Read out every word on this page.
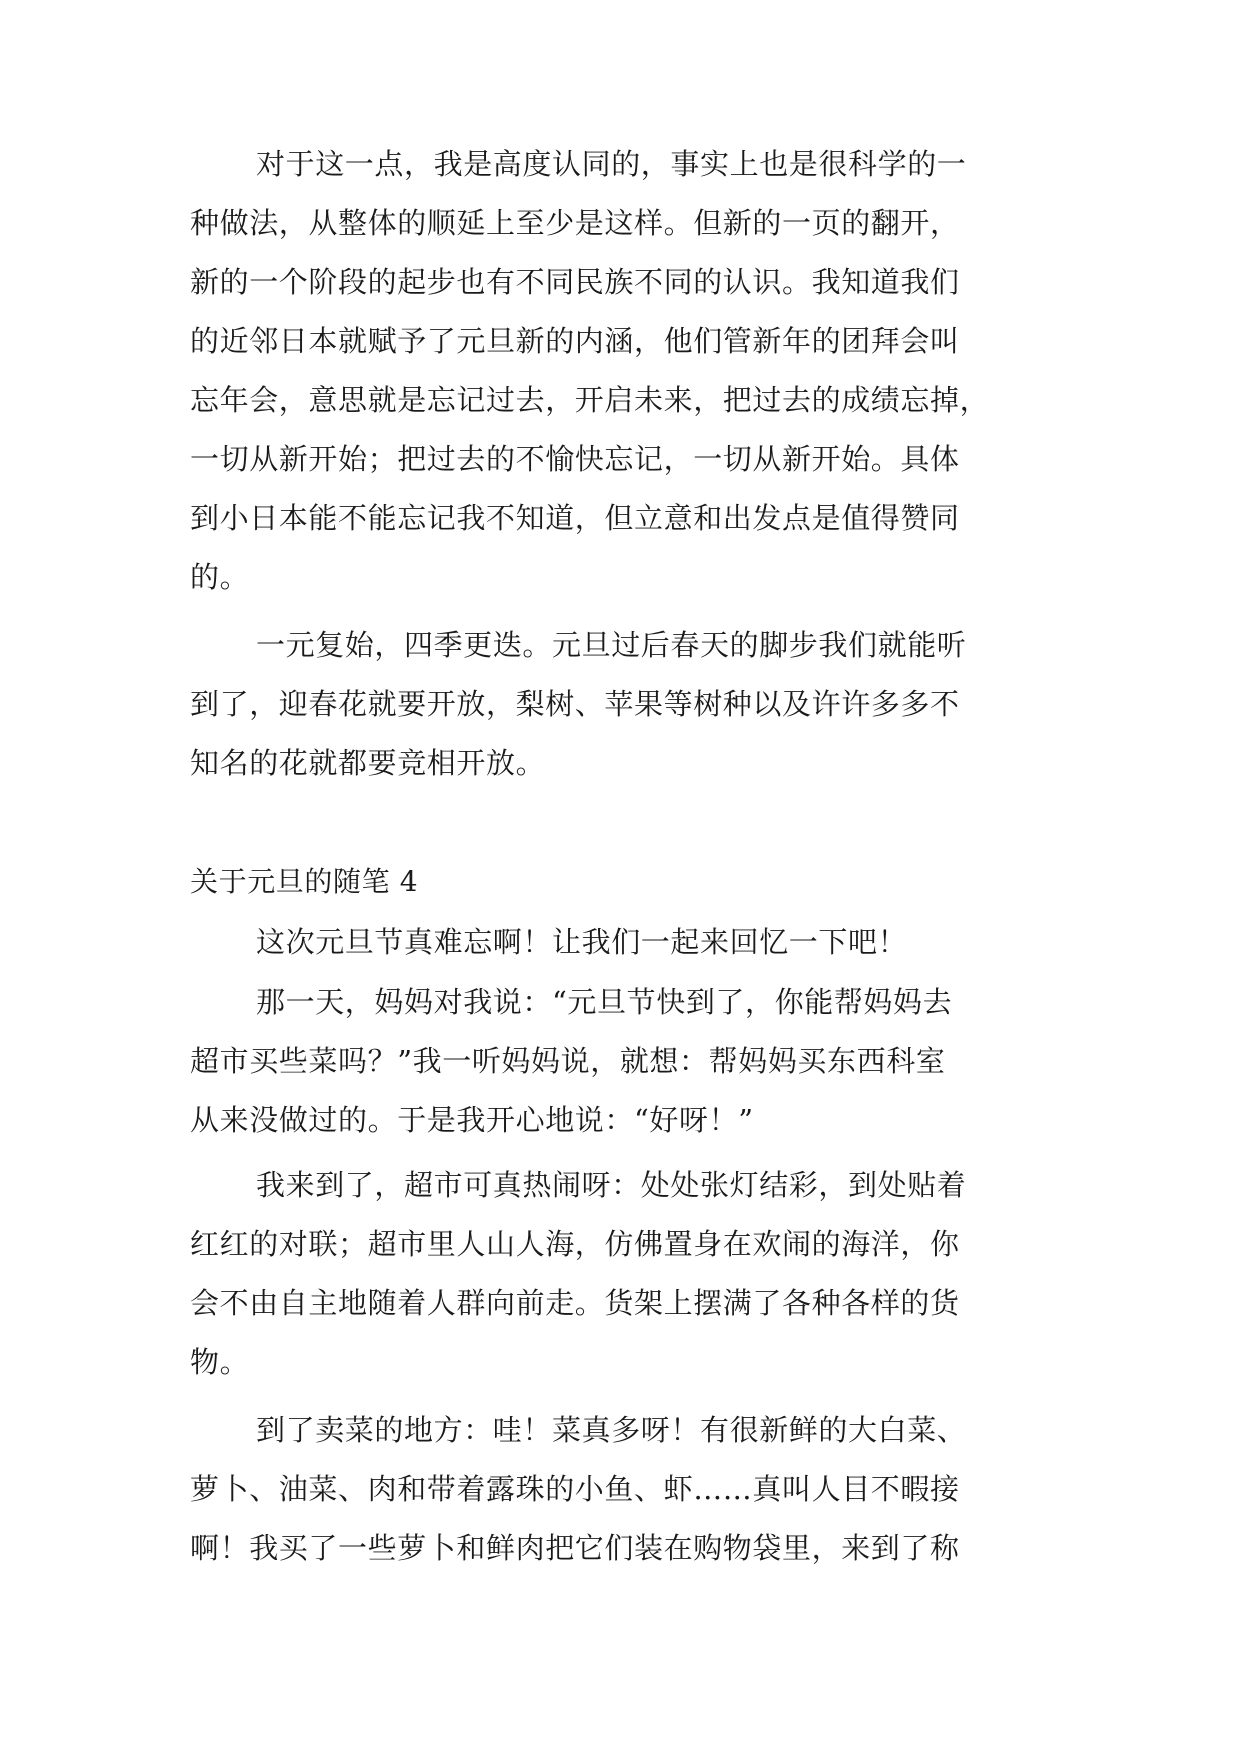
对于这一点，我是高度认同的，事实上也是很科学的一

种做法，从整体的顺延上至少是这样。但新的一页的翻开，

新的一个阶段的起步也有不同民族不同的认识。我知道我们

的近邻日本就赋予了元旦新的内涵，他们管新年的团拜会叫

忘年会，意思就是忘记过去，开启未来，把过去的成绩忘掉，

一切从新开始；把过去的不愉快忘记，一切从新开始。具体

到小日本能不能忘记我不知道，但立意和出发点是值得赞同

的。

一元复始，四季更迭。元旦过后春天的脚步我们就能听

到了，迎春花就要开放，梨树、苹果等树种以及许许多多不

知名的花就都要竞相开放。

关于元旦的随笔 4

这次元旦节真难忘啊！让我们一起来回忆一下吧！

那一天，妈妈对我说：“元旦节快到了，你能帮妈妈去

超市买些菜吗？”我一听妈妈说，就想：帮妈妈买东西科室

从来没做过的。于是我开心地说：“好呀！”

我来到了，超市可真热闹呀：处处张灯结彩，到处贴着

红红的对联；超市里人山人海，仿佛置身在欢闹的海洋，你

会不由自主地随着人群向前走。货架上摆满了各种各样的货

物。

到了卖菜的地方：哇！菜真多呀！有很新鲜的大白菜、

萝卜、油菜、肉和带着露珠的小鱼、虾……真叫人目不暇接

啊！我买了一些萝卜和鲜肉把它们装在购物袋里，来到了称
